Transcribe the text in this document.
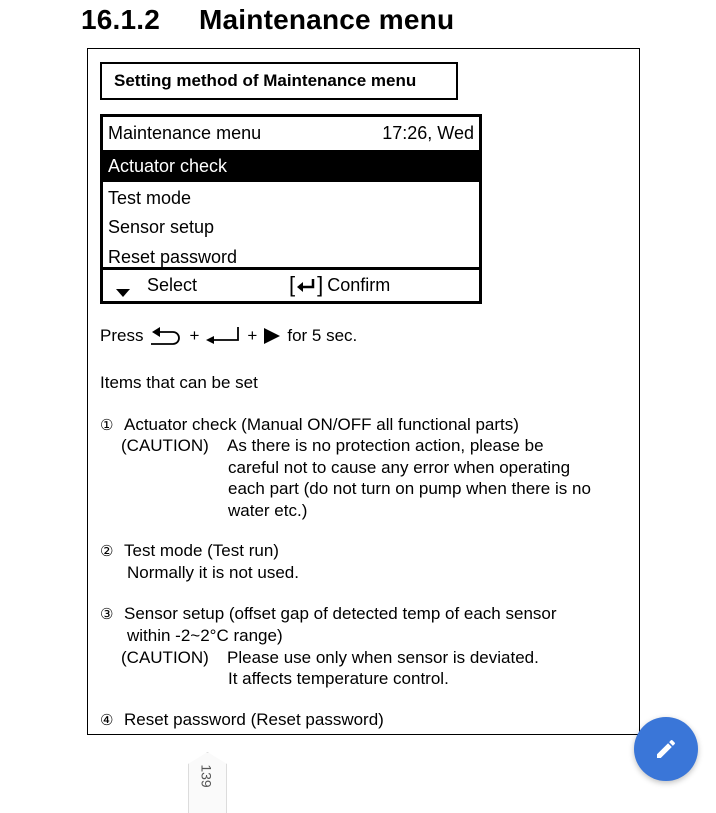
16.1.2 Maintenance menu
Setting method of Maintenance menu
Maintenance menu	17:26, Wed
Actuator check
Test mode
Sensor setup
Reset password
Select	[ ] Confirm
Press	+	+ for 5 sec.
Items that can be set
① Actuator check (Manual ON/OFF all functional parts)
(CAUTION) As there is no protection action, please be
careful not to cause any error when operating
each part (do not turn on pump when there is no
water etc.)
② Test mode (Test run)
Normally it is not used.
③ Sensor setup (offset gap of detected temp of each sensor
within -2~2°C range)
(CAUTION) Please use only when sensor is deviated.
It affects temperature control.
④ Reset password (Reset password)
139
